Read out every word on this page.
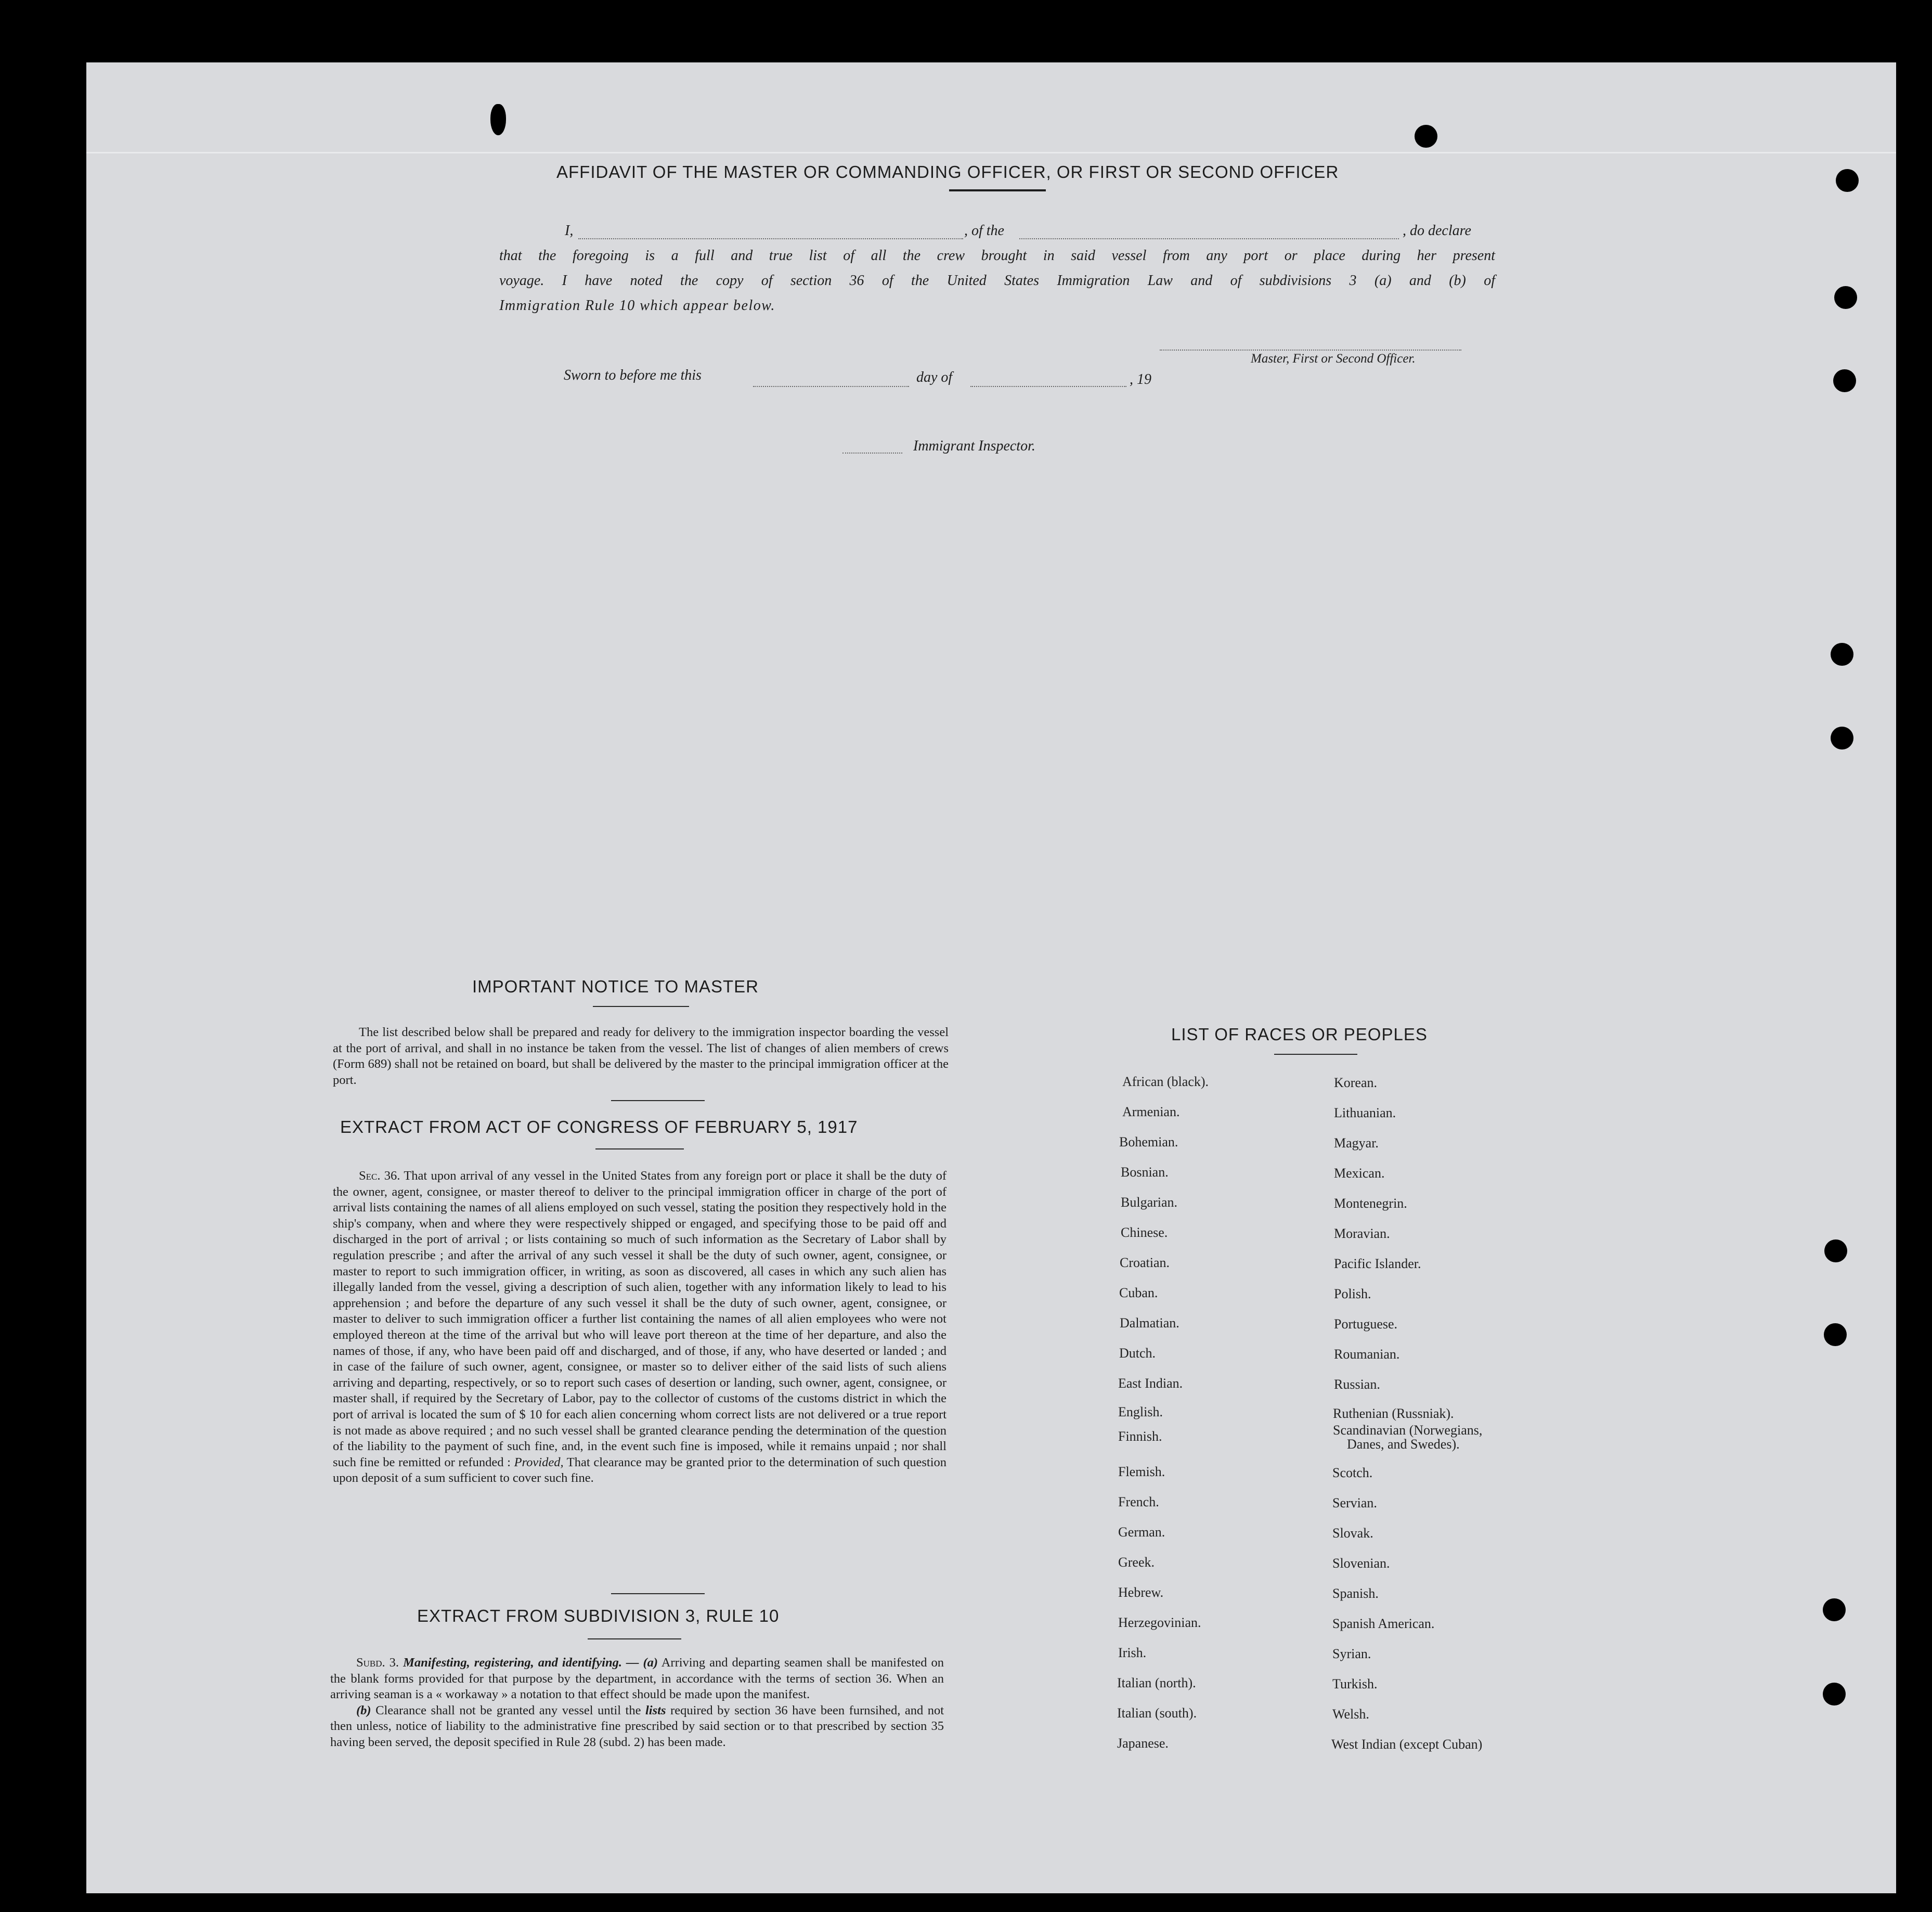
AFFIDAVIT OF THE MASTER OR COMMANDING OFFICER, OR FIRST OR SECOND OFFICER
I,	, of the	, do declare
that the foregoing is a full and true list of all the crew brought in said vessel from any port or place during her present
voyage. I have noted the copy of section 36 of the United States Immigration Law and of subdivisions 3 (a) and (b) of
Immigration Rule 10 which appear below.
Master, First or Second Officer.
Sworn to before me this	day of	, 19
Immigrant Inspector.
IMPORTANT NOTICE TO MASTER

The list described below shall be prepared and ready for delivery to the immigration inspector boarding the vessel at the port of arrival, and shall in no instance be taken from the vessel. The list of changes of alien members of crews (Form 689) shall not be retained on board, but shall be delivered by the master to the principal immigration officer at the port.

EXTRACT FROM ACT OF CONGRESS OF FEBRUARY 5, 1917

Sec. 36. That upon arrival of any vessel in the United States from any foreign port or place it shall be the duty of the owner, agent, consignee, or master thereof to deliver to the principal immigration officer in charge of the port of arrival lists containing the names of all aliens employed on such vessel, stating the position they respectively hold in the ship's company, when and where they were respectively shipped or engaged, and specifying those to be paid off and discharged in the port of arrival ; or lists containing so much of such information as the Secretary of Labor shall by regulation prescribe ; and after the arrival of any such vessel it shall be the duty of such owner, agent, consignee, or master to report to such immigration officer, in writing, as soon as discovered, all cases in which any such alien has illegally landed from the vessel, giving a description of such alien, together with any information likely to lead to his apprehension ; and before the departure of any such vessel it shall be the duty of such owner, agent, consignee, or master to deliver to such immigration officer a further list containing the names of all alien employees who were not employed thereon at the time of the arrival but who will leave port thereon at the time of her departure, and also the names of those, if any, who have been paid off and discharged, and of those, if any, who have deserted or landed ; and in case of the failure of such owner, agent, consignee, or master so to deliver either of the said lists of such aliens arriving and departing, respectively, or so to report such cases of desertion or landing, such owner, agent, consignee, or master shall, if required by the Secretary of Labor, pay to the collector of customs of the customs district in which the port of arrival is located the sum of $ 10 for each alien concerning whom correct lists are not delivered or a true report is not made as above required ; and no such vessel shall be granted clearance pending the determination of the question of the liability to the payment of such fine, and, in the event such fine is imposed, while it remains unpaid ; nor shall such fine be remitted or refunded : Provided, That clearance may be granted prior to the determination of such question upon deposit of a sum sufficient to cover such fine.

EXTRACT FROM SUBDIVISION 3, RULE 10

Subd. 3. Manifesting, registering, and identifying. — (a) Arriving and departing seamen shall be manifested on the blank forms provided for that purpose by the department, in accordance with the terms of section 36. When an arriving seaman is a « workaway » a notation to that effect should be made upon the manifest.

(b) Clearance shall not be granted any vessel until the lists required by section 36 have been furnsihed, and not then unless, notice of liability to the administrative fine prescribed by said section or to that prescribed by section 35 having been served, the deposit specified in Rule 28 (subd. 2) has been made.

LIST OF RACES OR PEOPLES
African (black).
Armenian.
Bohemian.
Bosnian.
Bulgarian.
Chinese.
Croatian.
Cuban.
Dalmatian.
Dutch.
East Indian.
English.
Finnish.
Flemish.
French.
German.
Greek.
Hebrew.
Herzegovinian.
Irish.
Italian (north).
Italian (south).
Japanese.
Korean.
Lithuanian.
Magyar.
Mexican.
Montenegrin.
Moravian.
Pacific Islander.
Polish.
Portuguese.
Roumanian.
Russian.
Ruthenian (Russniak).
Scandinavian (Norwegians,
Danes, and Swedes).
Scotch.
Servian.
Slovak.
Slovenian.
Spanish.
Spanish American.
Syrian.
Turkish.
Welsh.
West Indian (except Cuban)
